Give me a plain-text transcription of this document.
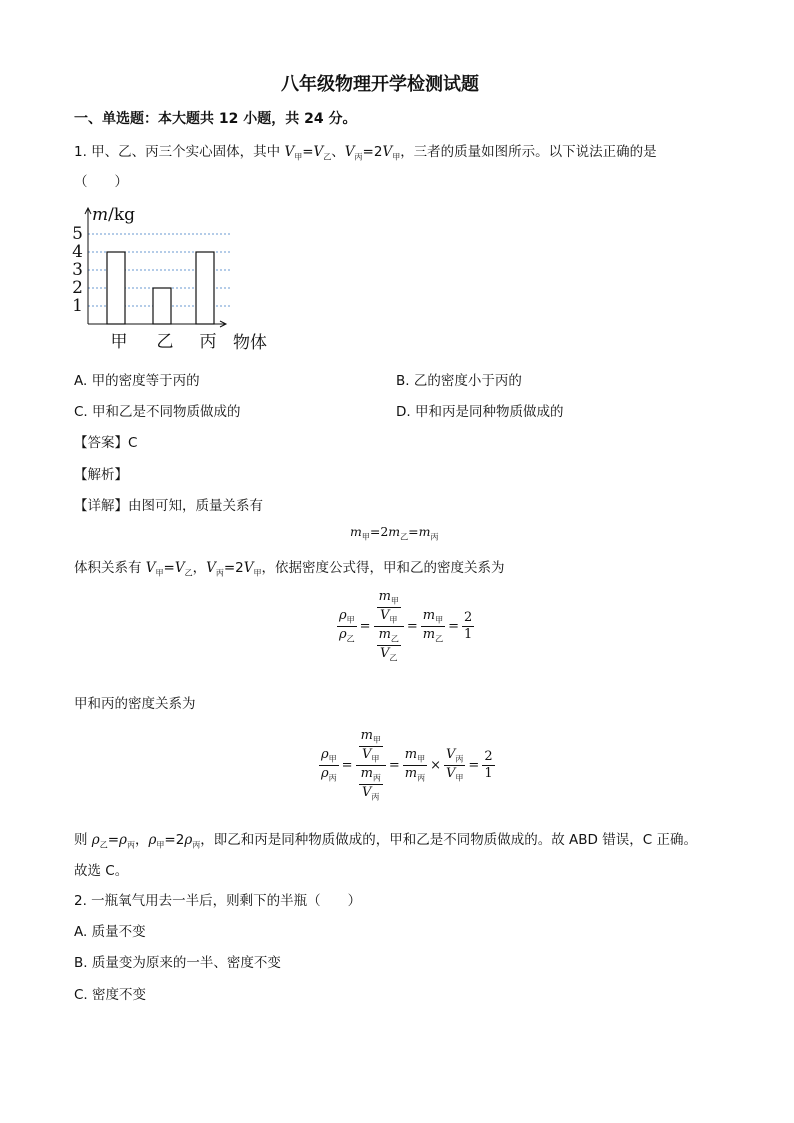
八年级物理开学检测试题
一、单选题：本大题共 12 小题，共 24 分。
1. 甲、乙、丙三个实心固体，其中 $V_甲=V_乙$、$V_丙=2V_甲$，三者的质量如图所示。以下说法正确的是
（　　）
1
2
3
4
5
m/kg
甲 乙 丙 物体
A. 甲的密度等于丙的	B. 乙的密度小于丙的
C. 甲和乙是不同物质做成的	D. 甲和丙是同种物质做成的
【答案】C
【解析】
【详解】由图可知，质量关系有
$m_甲=2m_乙=m_丙$
体积关系有 $V_甲=V_乙$，$V_丙=2V_甲$，依据密度公式得，甲和乙的密度关系为
$\frac{\rho_甲}{\rho_乙} = \frac{\frac{m_甲}{V_甲}}{\frac{m_乙}{V_乙}} = \frac{m_甲}{m_乙} = \frac{2}{1}$
甲和丙的密度关系为
$\frac{\rho_甲}{\rho_丙} = \frac{\frac{m_甲}{V_甲}}{\frac{m_丙}{V_丙}} = \frac{m_甲}{m_丙} \times \frac{V_丙}{V_甲} = \frac{2}{1}$
则 $\rho_乙=\rho_丙$，$\rho_甲=2\rho_丙$，即乙和丙是同种物质做成的，甲和乙是不同物质做成的。故 ABD 错误，C 正确。
故选 C。
2. 一瓶氧气用去一半后，则剩下的半瓶（　　）
A. 质量不变
B. 质量变为原来的一半、密度不变
C. 密度不变
